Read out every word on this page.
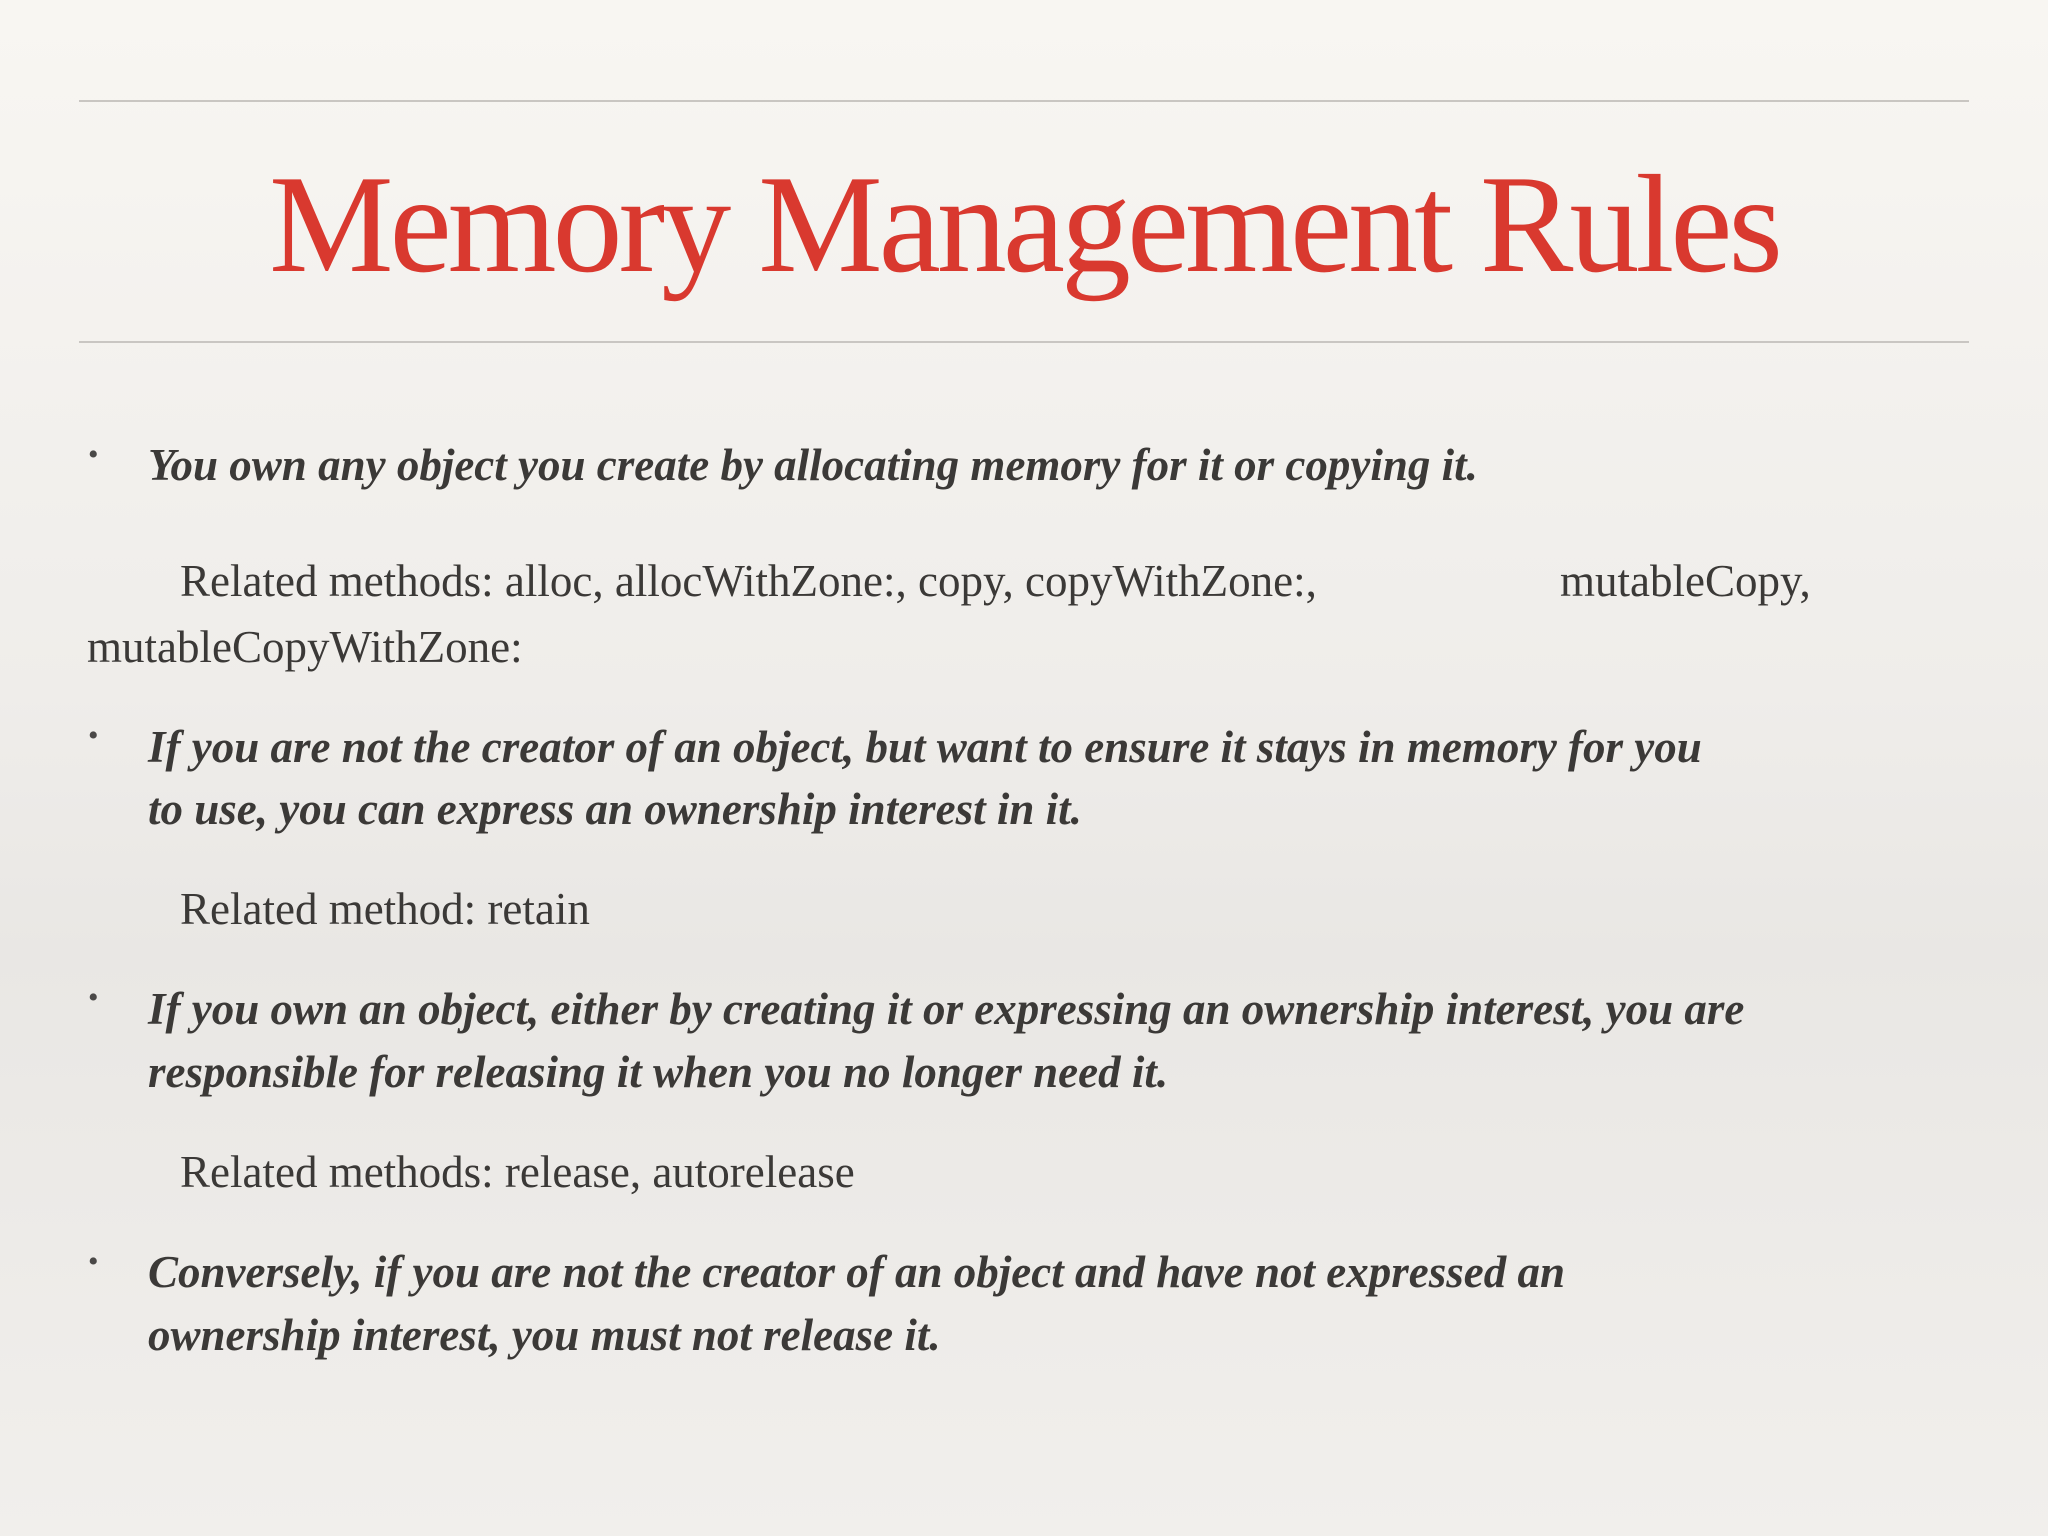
Memory Management Rules
• You own any object you create by allocating memory for it or copying it.

Related methods: alloc, allocWithZone:, copy, copyWithZone:,	mutableCopy,

mutableCopyWithZone:

• If you are not the creator of an object, but want to ensure it stays in memory for you

to use, you can express an ownership interest in it.

Related method: retain

• If you own an object, either by creating it or expressing an ownership interest, you are

responsible for releasing it when you no longer need it.

Related methods: release, autorelease

• Conversely, if you are not the creator of an object and have not expressed an

ownership interest, you must not release it.
